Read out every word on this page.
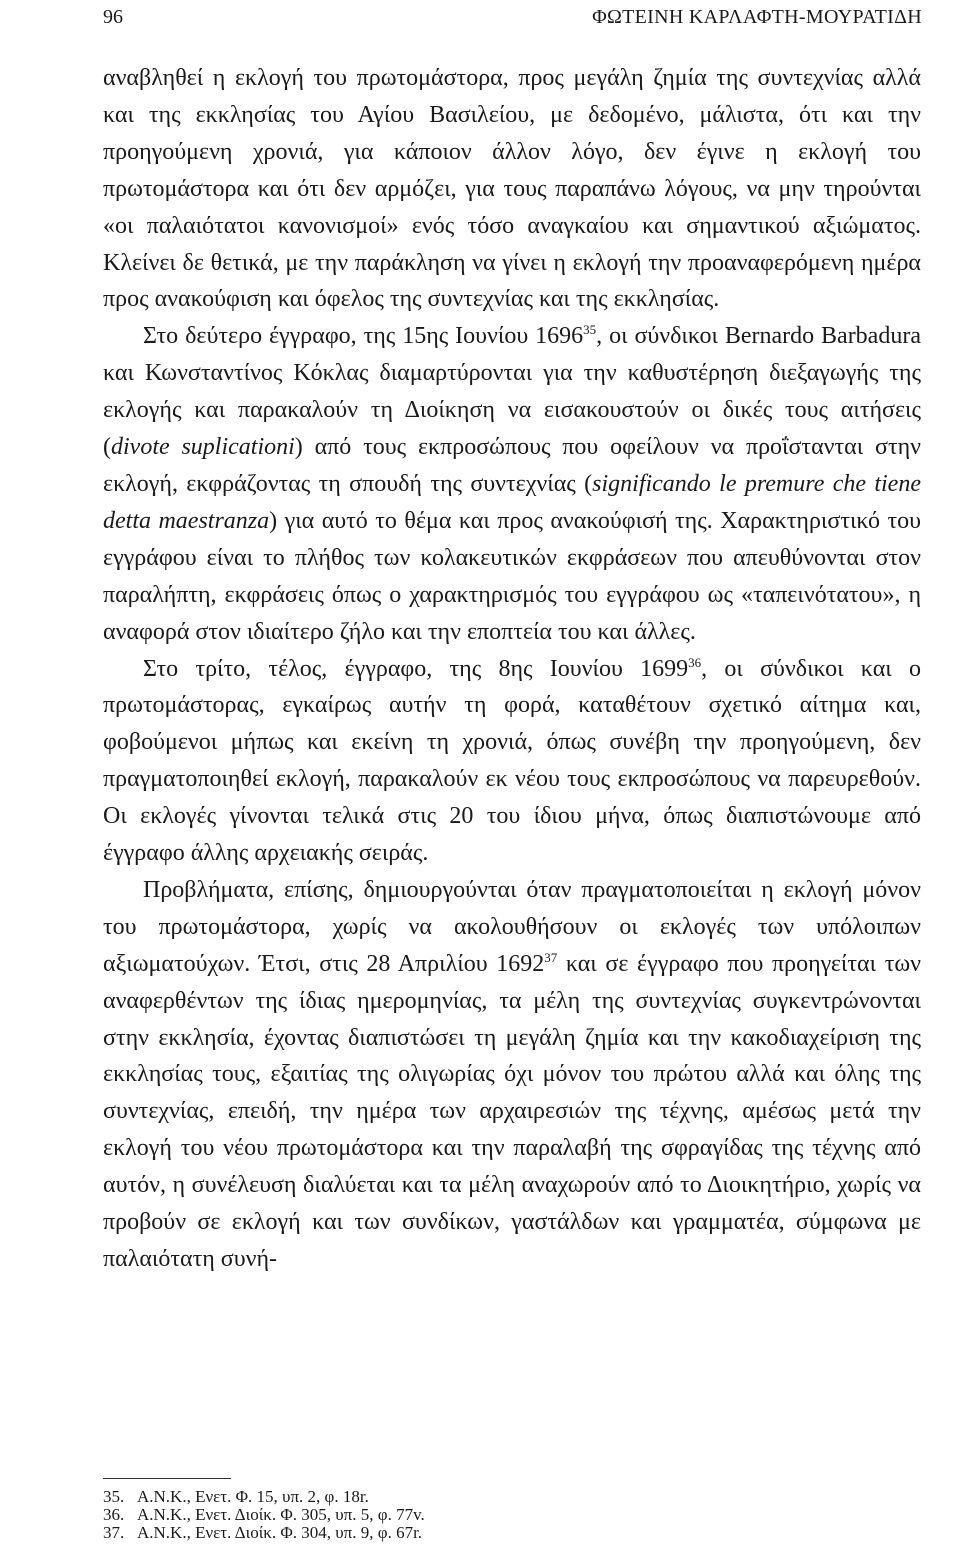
96	ΦΩΤΕΙΝΗ ΚΑΡΛΑΦΤΗ-ΜΟΥΡΑΤΙΔΗ

αναβληθεί η εκλογή του πρωτομάστορα, προς μεγάλη ζημία της συντεχνίας αλλά και της εκκλησίας του Αγίου Βασιλείου, με δεδομένο, μάλιστα, ότι και την προηγούμενη χρονιά, για κάποιον άλλον λόγο, δεν έγινε η εκλογή του πρωτομάστορα και ότι δεν αρμόζει, για τους παραπάνω λόγους, να μην τηρούνται «οι παλαιότατοι κανονισμοί» ενός τόσο αναγκαίου και σημαντικού αξιώματος. Κλείνει δε θετικά, με την παράκληση να γίνει η εκλογή την προαναφερόμενη ημέρα προς ανακούφιση και όφελος της συντεχνίας και της εκκλησίας.

Στο δεύτερο έγγραφο, της 15ης Ιουνίου 1696$^{35}$, οι σύνδικοι Bernardo Barbadura και Κωνσταντίνος Κόκλας διαμαρτύρονται για την καθυστέρηση διεξαγωγής της εκλογής και παρακαλούν τη Διοίκηση να εισακουστούν οι δικές τους αιτήσεις (divote suplicationi) από τους εκπροσώπους που οφείλουν να προΐστανται στην εκλογή, εκφράζοντας τη σπουδή της συντεχνίας (significando le premure che tiene detta maestranza) για αυτό το θέμα και προς ανακούφισή της. Χαρακτηριστικό του εγγράφου είναι το πλήθος των κολακευτικών εκφράσεων που απευθύνονται στον παραλήπτη, εκφράσεις όπως ο χαρακτηρισμός του εγγράφου ως «ταπεινότατου», η αναφορά στον ιδιαίτερο ζήλο και την εποπτεία του και άλλες.

Στο τρίτο, τέλος, έγγραφο, της 8ης Ιουνίου 1699$^{36}$, οι σύνδικοι και ο πρωτομάστορας, εγκαίρως αυτήν τη φορά, καταθέτουν σχετικό αίτημα και, φοβούμενοι μήπως και εκείνη τη χρονιά, όπως συνέβη την προηγούμενη, δεν πραγματοποιηθεί εκλογή, παρακαλούν εκ νέου τους εκπροσώπους να παρευρεθούν. Οι εκλογές γίνονται τελικά στις 20 του ίδιου μήνα, όπως διαπιστώνουμε από έγγραφο άλλης αρχειακής σειράς.

Προβλήματα, επίσης, δημιουργούνται όταν πραγματοποιείται η εκλογή μόνον του πρωτομάστορα, χωρίς να ακολουθήσουν οι εκλογές των υπόλοιπων αξιωματούχων. Έτσι, στις 28 Απριλίου 1692$^{37}$ και σε έγγραφο που προηγείται των αναφερθέντων της ίδιας ημερομηνίας, τα μέλη της συντεχνίας συγκεντρώνονται στην εκκλησία, έχοντας διαπιστώσει τη μεγάλη ζημία και την κακοδιαχείριση της εκκλησίας τους, εξαιτίας της ολιγωρίας όχι μόνον του πρώτου αλλά και όλης της συντεχνίας, επειδή, την ημέρα των αρχαιρεσιών της τέχνης, αμέσως μετά την εκλογή του νέου πρωτομάστορα και την παραλαβή της σφραγίδας της τέχνης από αυτόν, η συνέλευση διαλύεται και τα μέλη αναχωρούν από το Διοικητήριο, χωρίς να προβούν σε εκλογή και των συνδίκων, γαστάλδων και γραμματέα, σύμφωνα με παλαιότατη συνή-

35. Α.Ν.Κ., Ενετ. Φ. 15, υπ. 2, φ. 18r.

36. Α.Ν.Κ., Ενετ. Διοίκ. Φ. 305, υπ. 5, φ. 77v.

37. Α.Ν.Κ., Ενετ. Διοίκ. Φ. 304, υπ. 9, φ. 67r.
